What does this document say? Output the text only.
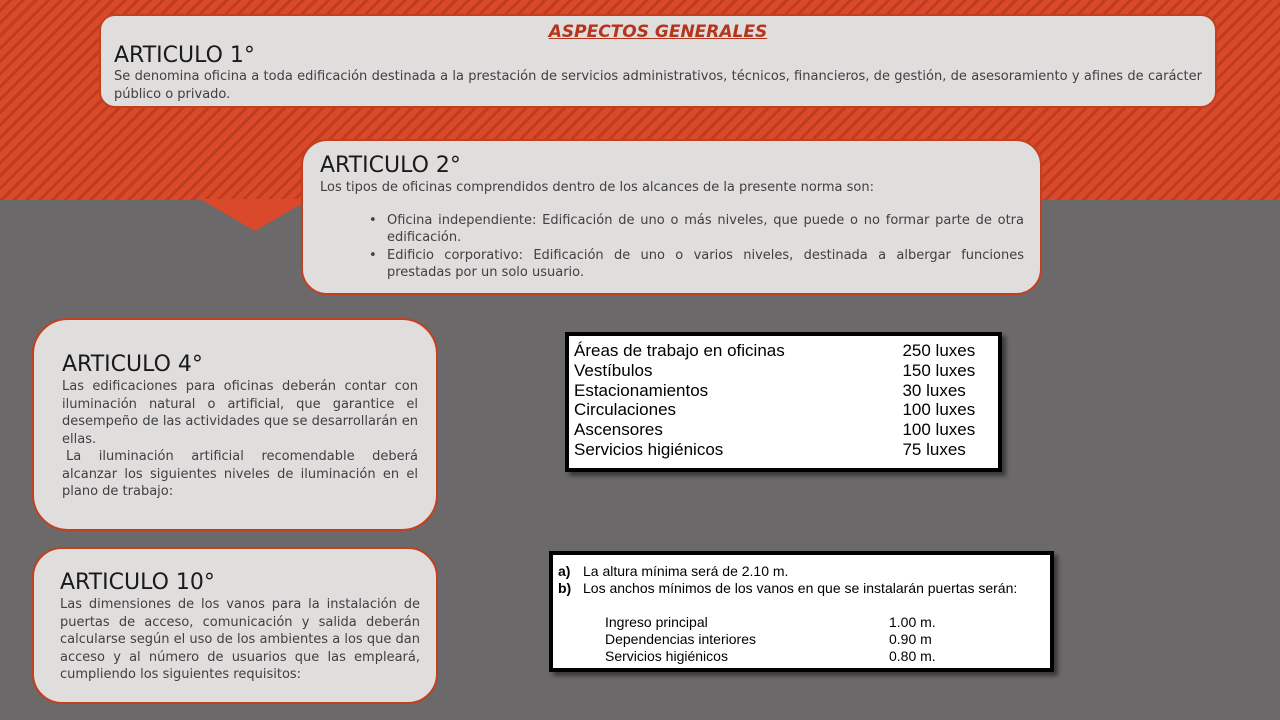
ASPECTOS GENERALES
ARTICULO 1°

Se denomina oficina a toda edificación destinada a la prestación de servicios administrativos, técnicos, financieros, de gestión, de asesoramiento y afines de carácter público o privado.

ARTICULO 2°

Los tipos de oficinas comprendidos dentro de los alcances de la presente norma son:

• Oficina independiente: Edificación de uno o más niveles, que puede o no formar parte de otra edificación.
• Edificio corporativo: Edificación de uno o varios niveles, destinada a albergar funciones prestadas por un solo usuario.
ARTICULO 4°

Las edificaciones para oficinas deberán contar con iluminación natural o artificial, que garantice el desempeño de las actividades que se desarrollarán en ellas.

La iluminación artificial recomendable deberá alcanzar los siguientes niveles de iluminación en el plano de trabajo:

ARTICULO 10°

Las dimensiones de los vanos para la instalación de puertas de acceso, comunicación y salida deberán calcularse según el uso de los ambientes a los que dan acceso y al número de usuarios que las empleará, cumpliendo los siguientes requisitos:

Áreas de trabajo en oficinas	250 luxes
Vestíbulos	150 luxes
Estacionamientos	30 luxes
Circulaciones	100 luxes
Ascensores	100 luxes
Servicios higiénicos	75 luxes
a) La altura mínima será de 2.10 m.
b) Los anchos mínimos de los vanos en que se instalarán puertas serán:
Ingreso principal	1.00 m.
Dependencias interiores	0.90 m
Servicios higiénicos	0.80 m.
